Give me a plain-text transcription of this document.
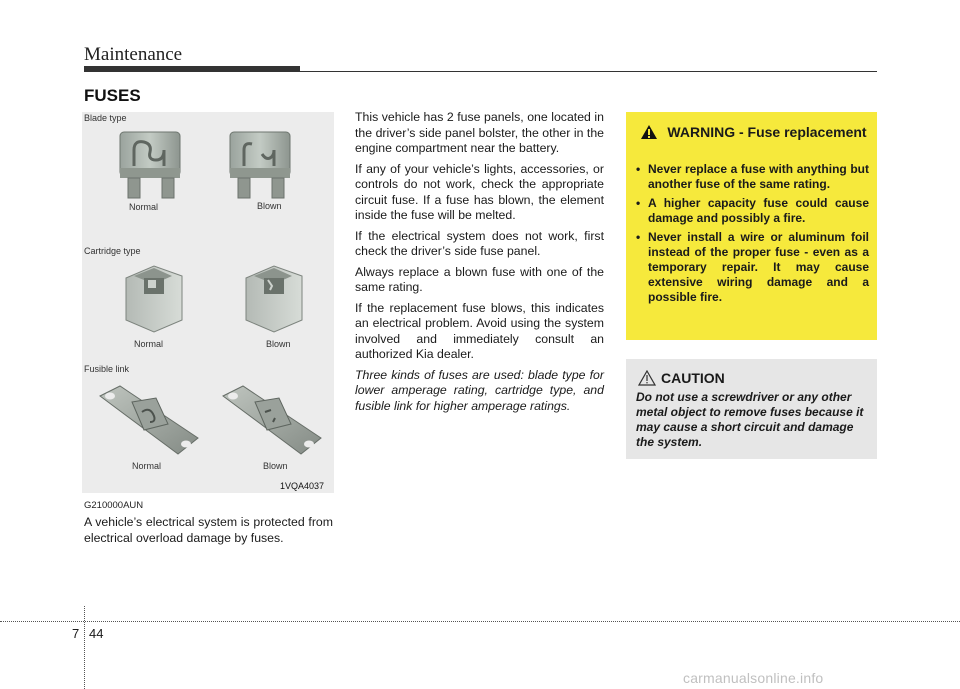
Maintenance
FUSES
Blade type
Cartridge type
Fusible link
Normal	Blown
Normal	Blown
Normal	Blown
1VQA4037
G210000AUN

A vehicle’s electrical system is protected from electrical overload damage by fuses.

This vehicle has 2 fuse panels, one located in the driver’s side panel bolster, the other in the engine compartment near the battery.

If any of your vehicle’s lights, accessories, or controls do not work, check the appropriate circuit fuse. If a fuse has blown, the element inside the fuse will be melted.

If the electrical system does not work, first check the driver’s side fuse panel.

Always replace a blown fuse with one of the same rating.

If the replacement fuse blows, this indicates an electrical problem. Avoid using the system involved and immediately consult an authorized Kia dealer.

Three kinds of fuses are used: blade type for lower amperage rating, cartridge type, and fusible link for higher amperage ratings.

WARNING - Fuse replacement
• Never replace a fuse with anything but another fuse of the same rating.
• A higher capacity fuse could cause damage and possibly a fire.
• Never install a wire or aluminum foil instead of the proper fuse - even as a temporary repair. It may cause extensive wiring damage and a possible fire.
CAUTION
Do not use a screwdriver or any other metal object to remove fuses because it may cause a short circuit and damage the system.
7 44
carmanualsonline.info
